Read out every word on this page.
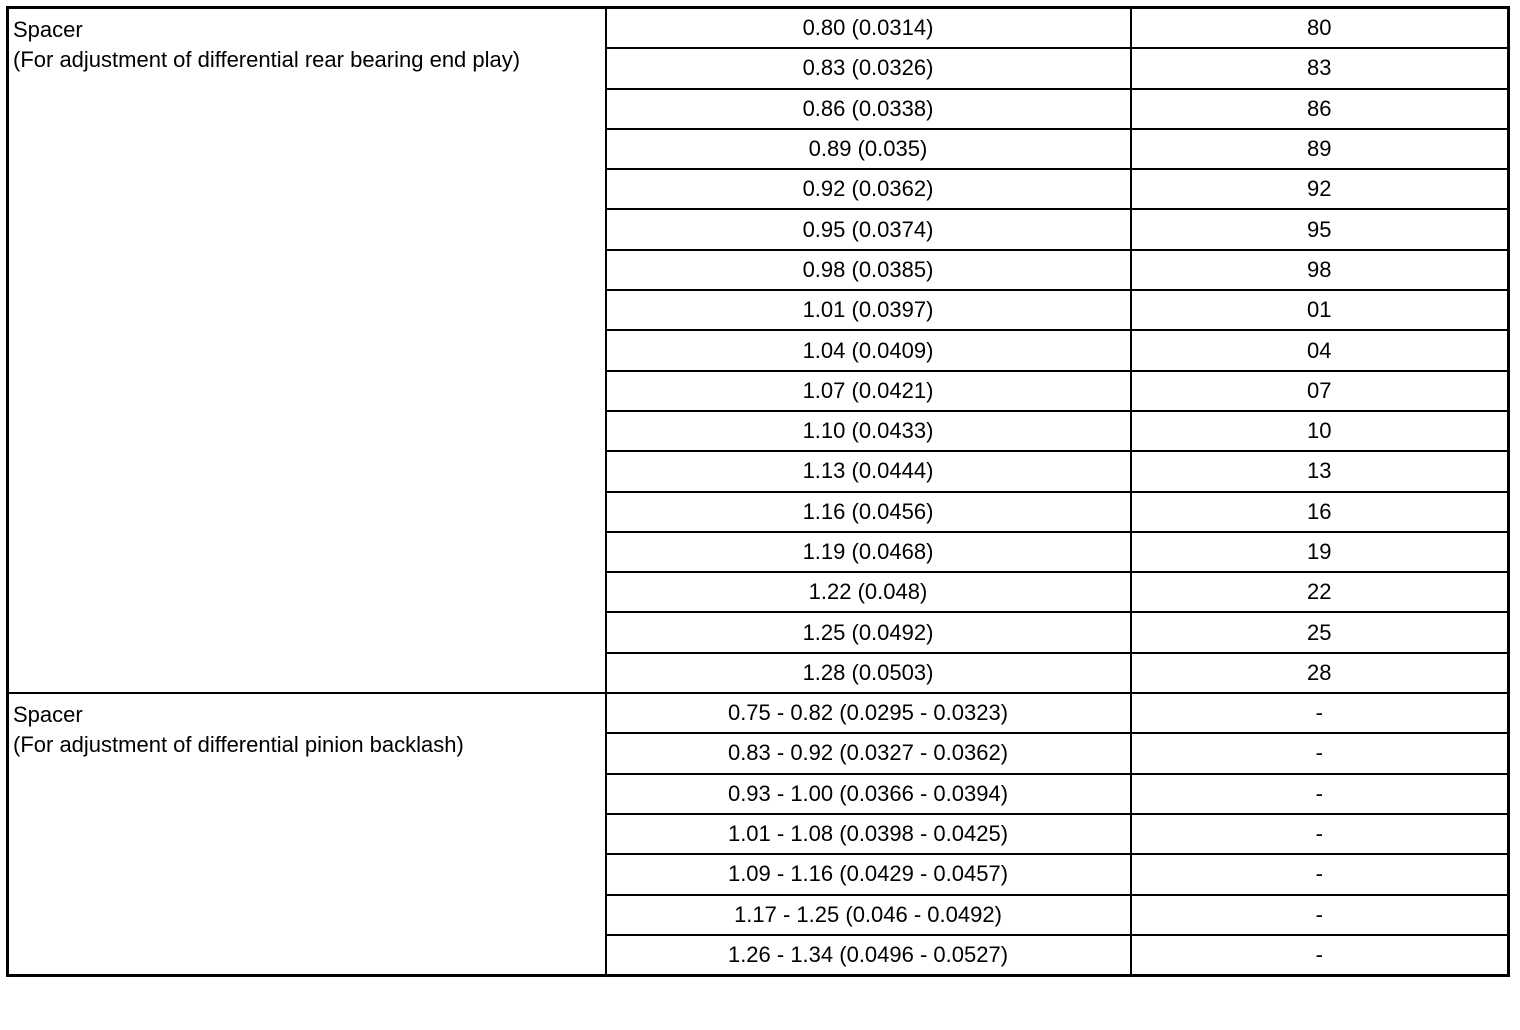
Spacer
(For adjustment of differential rear bearing end play)	0.80 (0.0314)	80
	0.83 (0.0326)	83
	0.86 (0.0338)	86
	0.89 (0.035)	89
	0.92 (0.0362)	92
	0.95 (0.0374)	95
	0.98 (0.0385)	98
	1.01 (0.0397)	01
	1.04 (0.0409)	04
	1.07 (0.0421)	07
	1.10 (0.0433)	10
	1.13 (0.0444)	13
	1.16 (0.0456)	16
	1.19 (0.0468)	19
	1.22 (0.048)	22
	1.25 (0.0492)	25
	1.28 (0.0503)	28

Spacer
(For adjustment of differential pinion backlash)	0.75 - 0.82 (0.0295 - 0.0323)	-
	0.83 - 0.92 (0.0327 - 0.0362)	-
	0.93 - 1.00 (0.0366 - 0.0394)	-
	1.01 - 1.08 (0.0398 - 0.0425)	-
	1.09 - 1.16 (0.0429 - 0.0457)	-
	1.17 - 1.25 (0.046 - 0.0492)	-
	1.26 - 1.34 (0.0496 - 0.0527)	-
